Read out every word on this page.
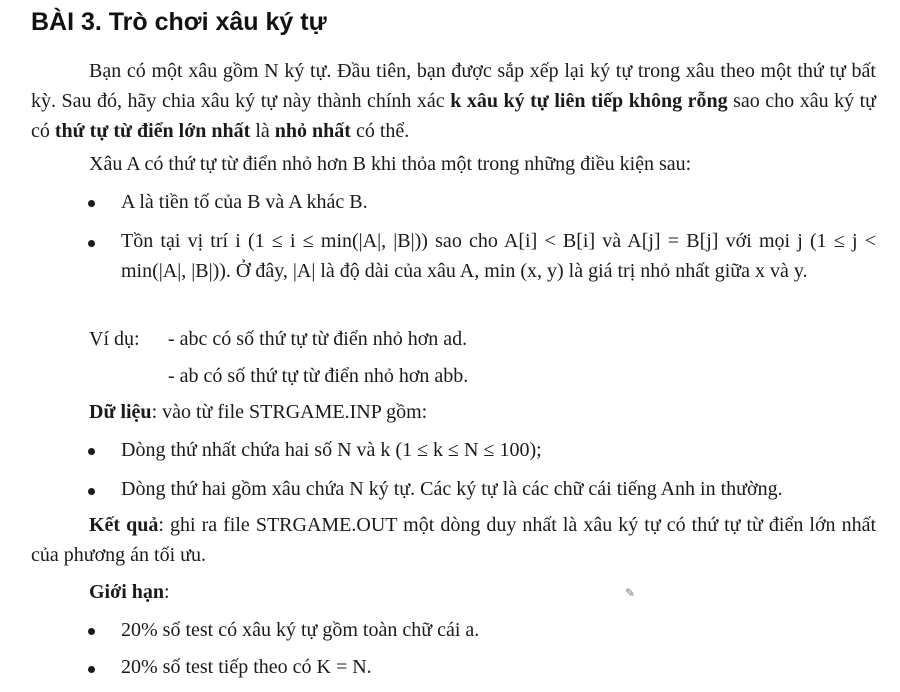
BÀI 3. Trò chơi xâu ký tự
Bạn có một xâu gồm N ký tự. Đầu tiên, bạn được sắp xếp lại ký tự trong xâu theo một thứ tự bất kỳ. Sau đó, hãy chia xâu ký tự này thành chính xác k xâu ký tự liên tiếp không rỗng sao cho xâu ký tự có thứ tự từ điển lớn nhất là nhỏ nhất có thể.
Xâu A có thứ tự từ điển nhỏ hơn B khi thỏa một trong những điều kiện sau:
A là tiền tố của B và A khác B.
Tồn tại vị trí i (1 ≤ i ≤ min(|A|, |B|)) sao cho A[i] < B[i] và A[j] = B[j] với mọi j (1 ≤ j < min(|A|, |B|)). Ở đây, |A| là độ dài của xâu A, min (x, y) là giá trị nhỏ nhất giữa x và y.
Ví dụ: - abc có số thứ tự từ điển nhỏ hơn ad.
- ab có số thứ tự từ điển nhỏ hơn abb.
Dữ liệu: vào từ file STRGAME.INP gồm:
Dòng thứ nhất chứa hai số N và k (1 ≤ k ≤ N ≤ 100);
Dòng thứ hai gồm xâu chứa N ký tự. Các ký tự là các chữ cái tiếng Anh in thường.
Kết quả: ghi ra file STRGAME.OUT một dòng duy nhất là xâu ký tự có thứ tự từ điển lớn nhất của phương án tối ưu.
Giới hạn:
20% số test có xâu ký tự gồm toàn chữ cái a.
20% số test tiếp theo có K = N.
✎
